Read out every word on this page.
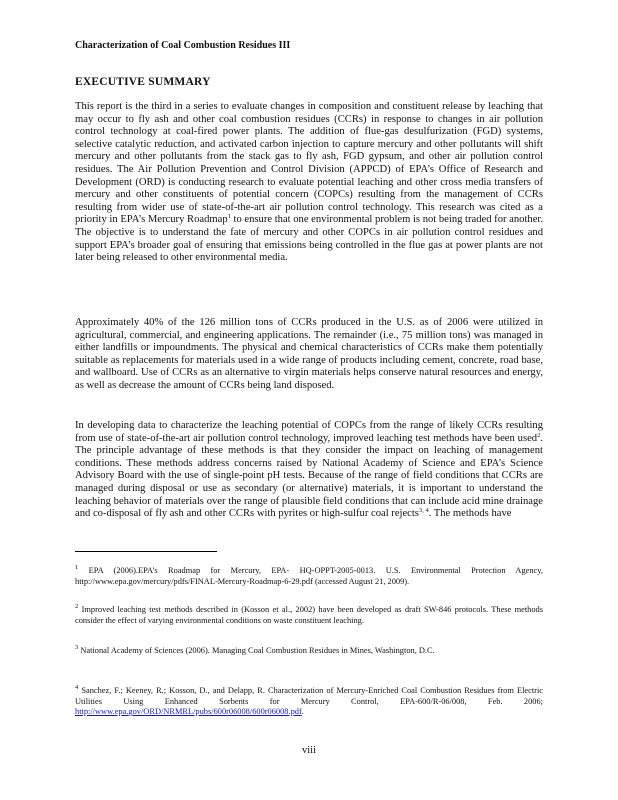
Characterization of Coal Combustion Residues III
EXECUTIVE SUMMARY

This report is the third in a series to evaluate changes in composition and constituent release by leaching that may occur to fly ash and other coal combustion residues (CCRs) in response to changes in air pollution control technology at coal-fired power plants. The addition of flue-gas desulfurization (FGD) systems, selective catalytic reduction, and activated carbon injection to capture mercury and other pollutants will shift mercury and other pollutants from the stack gas to fly ash, FGD gypsum, and other air pollution control residues. The Air Pollution Prevention and Control Division (APPCD) of EPA’s Office of Research and Development (ORD) is conducting research to evaluate potential leaching and other cross media transfers of mercury and other constituents of potential concern (COPCs) resulting from the management of CCRs resulting from wider use of state-of-the-art air pollution control technology. This research was cited as a priority in EPA’s Mercury Roadmap$^1$ to ensure that one environmental problem is not being traded for another. The objective is to understand the fate of mercury and other COPCs in air pollution control residues and support EPA’s broader goal of ensuring that emissions being controlled in the flue gas at power plants are not later being released to other environmental media.

Approximately 40% of the 126 million tons of CCRs produced in the U.S. as of 2006 were utilized in agricultural, commercial, and engineering applications. The remainder (i.e., 75 million tons) was managed in either landfills or impoundments. The physical and chemical characteristics of CCRs make them potentially suitable as replacements for materials used in a wide range of products including cement, concrete, road base, and wallboard. Use of CCRs as an alternative to virgin materials helps conserve natural resources and energy, as well as decrease the amount of CCRs being land disposed.

In developing data to characterize the leaching potential of COPCs from the range of likely CCRs resulting from use of state-of-the-art air pollution control technology, improved leaching test methods have been used$^2$. The principle advantage of these methods is that they consider the impact on leaching of management conditions. These methods address concerns raised by National Academy of Science and EPA’s Science Advisory Board with the use of single-point pH tests. Because of the range of field conditions that CCRs are managed during disposal or use as secondary (or alternative) materials, it is important to understand the leaching behavior of materials over the range of plausible field conditions that can include acid mine drainage and co-disposal of fly ash and other CCRs with pyrites or high-sulfur coal rejects$^{3, 4}$. The methods have

$^1$ EPA (2006).EPA’s Roadmap for Mercury, EPA- HQ-OPPT-2005-0013. U.S. Environmental Protection Agency, http://www.epa.gov/mercury/pdfs/FINAL-Mercury-Roadmap-6-29.pdf (accessed August 21, 2009).

$^2$ Improved leaching test methods described in (Kosson et al., 2002) have been developed as draft SW-846 protocols. These methods consider the effect of varying environmental conditions on waste constituent leaching.

$^3$ National Academy of Sciences (2006). Managing Coal Combustion Residues in Mines, Washington, D.C.

$^4$ Sanchez, F.; Keeney, R.; Kosson, D., and Delapp, R. Characterization of Mercury-Enriched Coal Combustion Residues from Electric Utilities Using Enhanced Sorbents for Mercury Control, EPA-600/R-06/008, Feb. 2006; http://www.epa.gov/ORD/NRMRL/pubs/600r06008/600r06008.pdf.

viii
